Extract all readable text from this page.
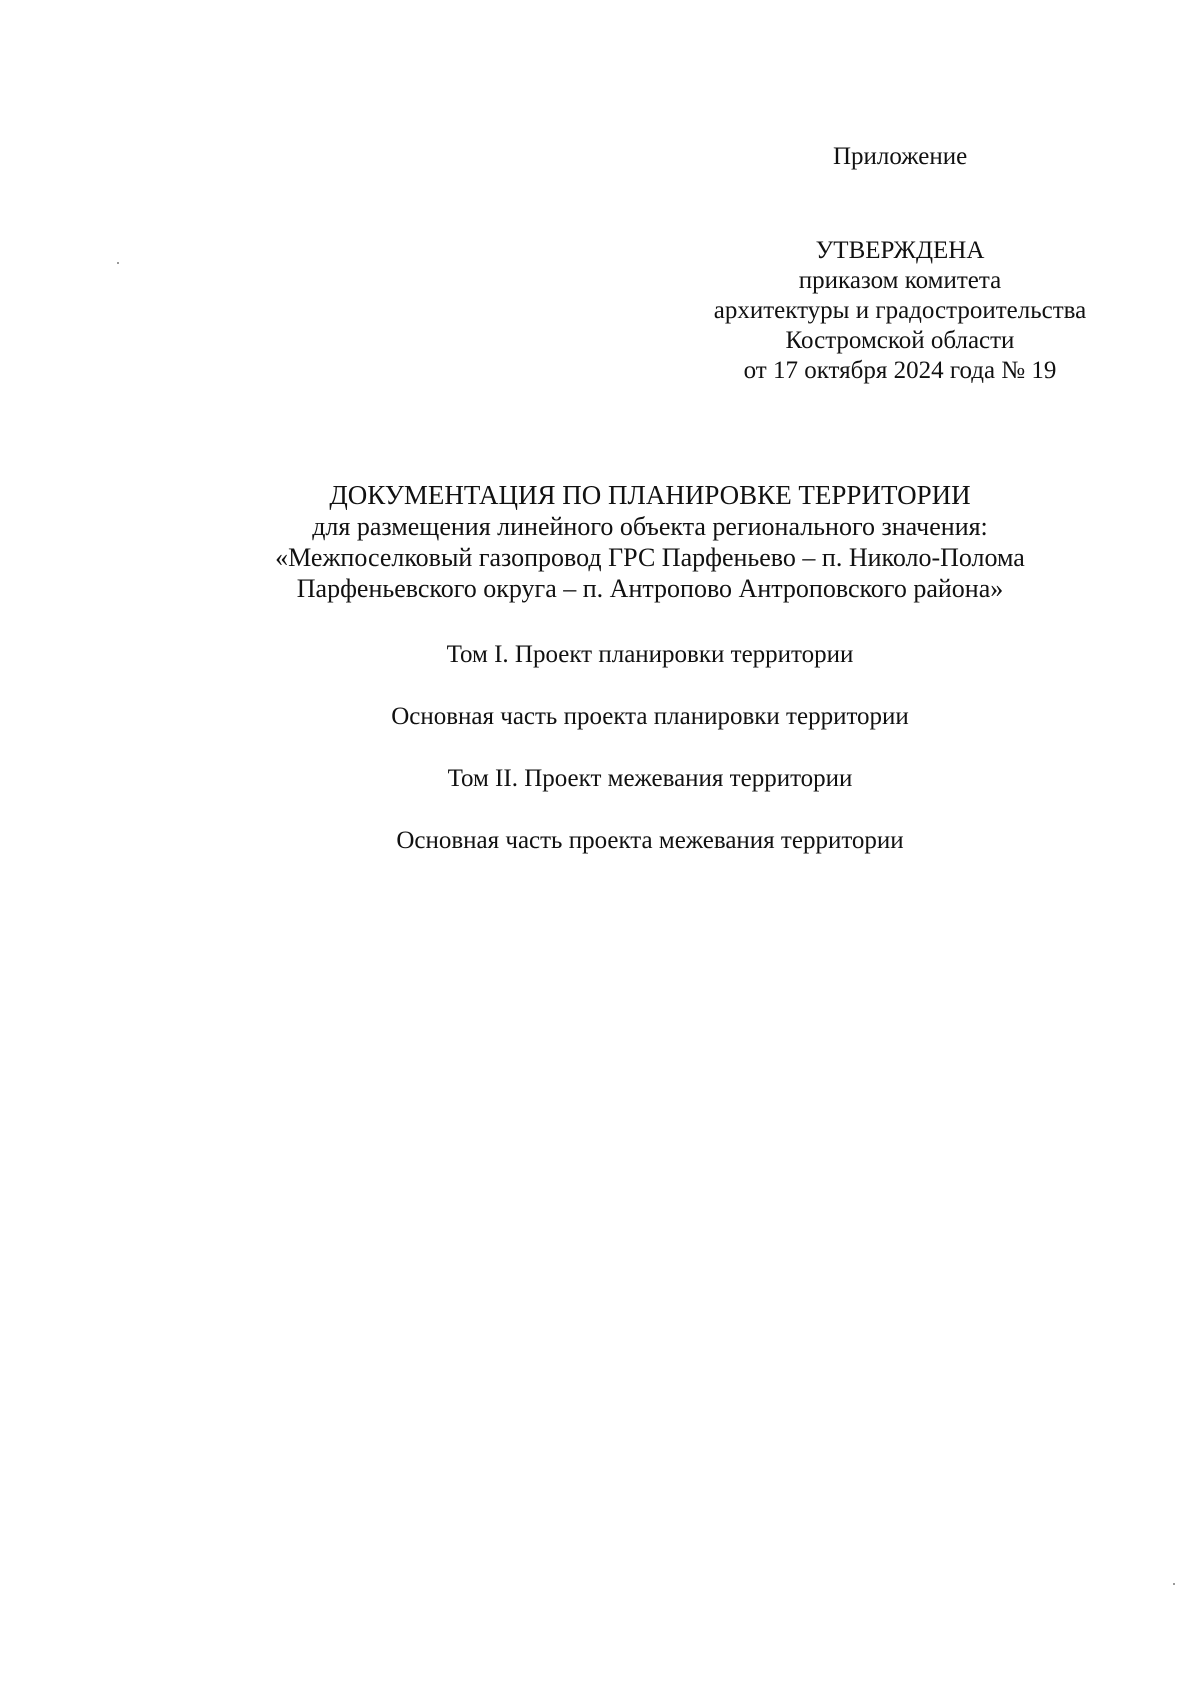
Приложение
УТВЕРЖДЕНА
приказом комитета
архитектуры и градостроительства
Костромской области
от 17 октября 2024 года № 19
ДОКУМЕНТАЦИЯ ПО ПЛАНИРОВКЕ ТЕРРИТОРИИ
для размещения линейного объекта регионального значения:
«Межпоселковый газопровод ГРС Парфеньево – п. Николо-Полома
Парфеньевского округа – п. Антропово Антроповского района»
Том I. Проект планировки территории
Основная часть проекта планировки территории
Том II. Проект межевания территории
Основная часть проекта межевания территории
